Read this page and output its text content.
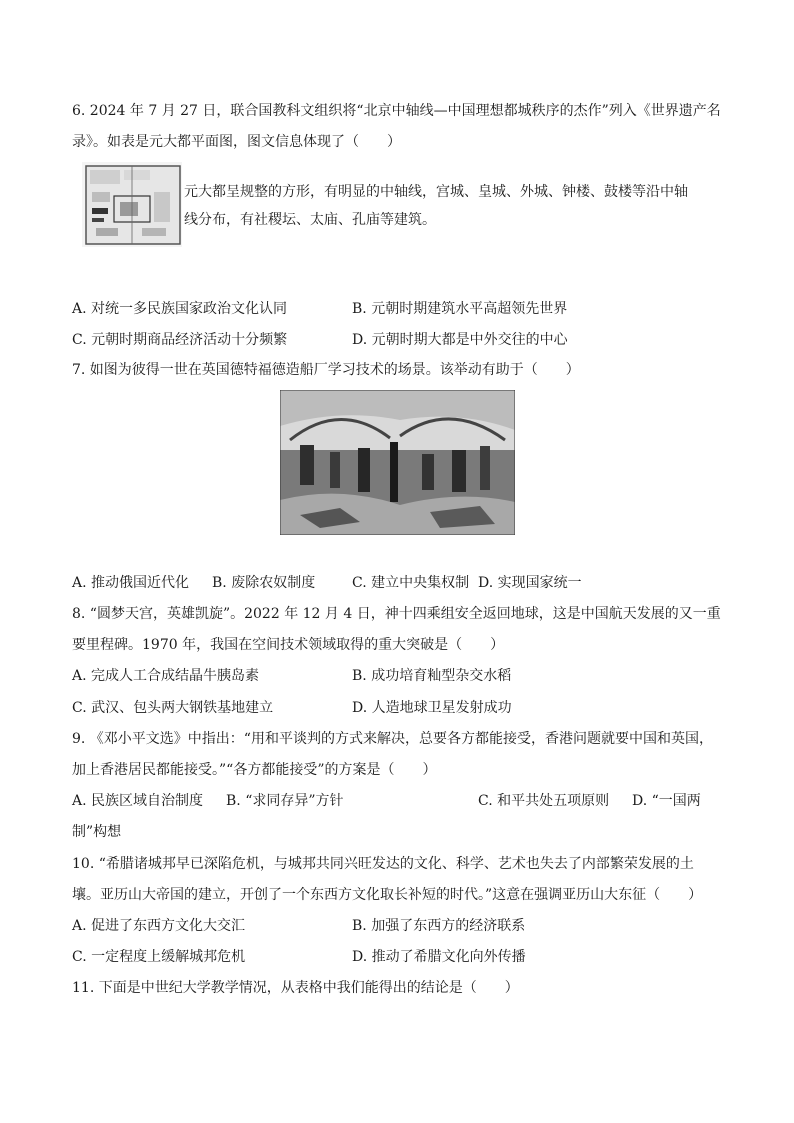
6. 2024 年 7 月 27 日，联合国教科文组织将“北京中轴线—中国理想都城秩序的杰作”列入《世界遗产名
录》。如表是元大都平面图，图文信息体现了（　　）
元大都呈规整的方形，有明显的中轴线，宫城、皇城、外城、钟楼、鼓楼等沿中轴
线分布，有社稷坛、太庙、孔庙等建筑。
A. 对统一多民族国家政治文化认同	B. 元朝时期建筑水平高超领先世界
C. 元朝时期商品经济活动十分频繁	D. 元朝时期大都是中外交往的中心
7. 如图为彼得一世在英国德特福德造船厂学习技术的场景。该举动有助于（　　）
A. 推动俄国近代化 B. 废除农奴制度	C. 建立中央集权制 D. 实现国家统一
8. “圆梦天宫，英雄凯旋”。2022 年 12 月 4 日，神十四乘组安全返回地球，这是中国航天发展的又一重
要里程碑。1970 年，我国在空间技术领域取得的重大突破是（　　）
A. 完成人工合成结晶牛胰岛素	B. 成功培育籼型杂交水稻
C. 武汉、包头两大钢铁基地建立	D. 人造地球卫星发射成功
9. 《邓小平文选》中指出：“用和平谈判的方式来解决，总要各方都能接受，香港问题就要中国和英国，
加上香港居民都能接受。”“各方都能接受”的方案是（　　）
A. 民族区域自治制度 B. “求同存异”方针	C. 和平共处五项原则 D. “一国两
制”构想
10. “希腊诸城邦早已深陷危机，与城邦共同兴旺发达的文化、科学、艺术也失去了内部繁荣发展的土
壤。亚历山大帝国的建立，开创了一个东西方文化取长补短的时代。”这意在强调亚历山大东征（　　）
A. 促进了东西方文化大交汇	B. 加强了东西方的经济联系
C. 一定程度上缓解城邦危机	D. 推动了希腊文化向外传播
11. 下面是中世纪大学教学情况，从表格中我们能得出的结论是（　　）
